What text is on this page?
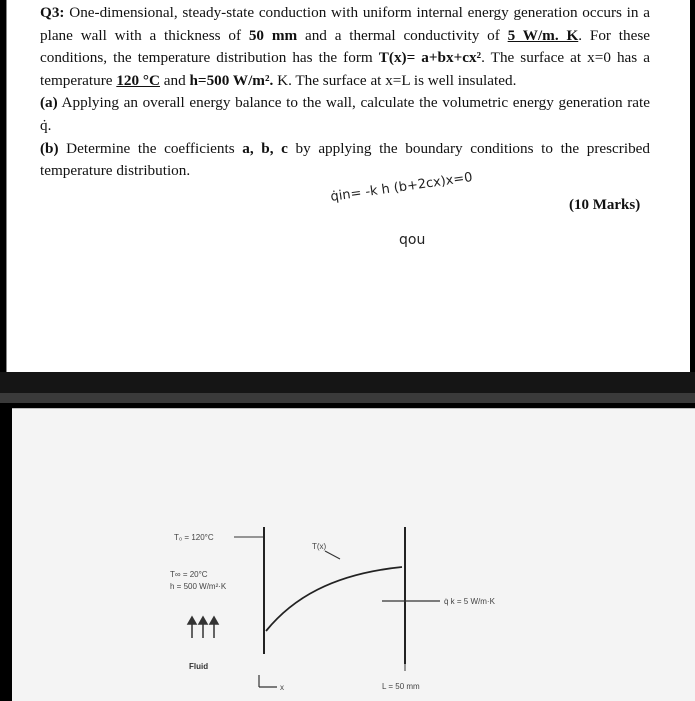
Q3: One-dimensional, steady-state conduction with uniform internal energy generation occurs in a plane wall with a thickness of 50 mm and a thermal conductivity of 5 W/m. K. For these conditions, the temperature distribution has the form T(x)= a+bx+cx². The surface at x=0 has a temperature 120 °C and h=500 W/m². K. The surface at x=L is well insulated.

(a) Applying an overall energy balance to the wall, calculate the volumetric energy generation rate q̇.

(b) Determine the coefficients a, b, c by applying the boundary conditions to the prescribed temperature distribution.	q̇in= -k h (b+2cx)x=0
qou
(10 Marks)
T₀ = 120°C
T(x)
T∞ = 20°C
h = 500 W/m²·K
q̇ k = 5 W/m·K
Fluid
x	L = 50 mm
